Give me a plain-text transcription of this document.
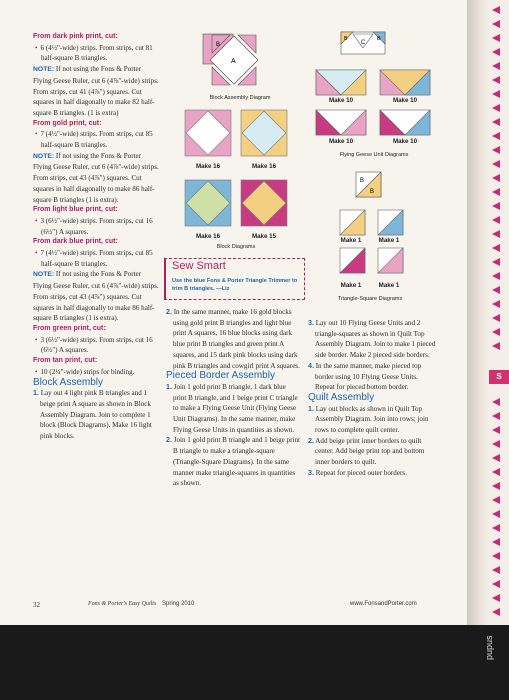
From dark pink print, cut:

• 6 (4½"-wide) strips. From strips, cut 81 half-square B triangles.

NOTE: If not using the Fons & Porter Flying Geese Ruler, cut 6 (4⅞"-wide) strips. From strips, cut 41 (4⅞") squares. Cut squares in half diagonally to make 82 half-square B triangles. (1 is extra)

From gold print, cut:

• 7 (4½"-wide) strips. From strips, cut 85 half-square B triangles.

NOTE: If not using the Fons & Porter Flying Geese Ruler, cut 6 (4⅞"-wide) strips. From strips, cut 43 (4⅞") squares. Cut squares in half diagonally to make 86 half-square B triangles (1 is extra).

From light blue print, cut:

• 3 (6½"-wide) strips. From strips, cut 16 (6½") A squares.

From dark blue print, cut:

• 7 (4½"-wide) strips. From strips, cut 85 half-square B triangles.

NOTE: If not using the Fons & Porter Flying Geese Ruler, cut 6 (4⅞"-wide) strips. From strips, cut 43 (4⅞") squares. Cut squares in half diagonally to make 86 half-square B triangles (1 is extra).

From green print, cut:

• 3 (6½"-wide) strips. From strips, cut 16 (6½") A squares.

From tan print, cut:

• 10 (2¼"-wide) strips for binding.

Block Assembly

1. Lay out 4 light pink B triangles and 1 beige print A square as shown in Block Assembly Diagram. Join to complete 1 block (Block Diagrams). Make 16 light pink blocks.

B
A
Block Assembly Diagram
Make 16	Make 16
Make 16	Make 15
Block Diagrams
Sew Smart
Use the blue Fons & Porter Triangle Trimmer to trim B triangles. —Liz

2. In the same manner, make 16 gold blocks using gold print B triangles and light blue print A squares, 16 blue blocks using dark blue print B triangles and green print A squares, and 15 dark pink blocks using dark pink B triangles and cowgirl print A squares.

Pieced Border Assembly

1. Join 1 gold print B triangle, 1 dark blue print B triangle, and 1 beige print C triangle to make a Flying Geese Unit (Flying Geese Unit Diagrams). In the same manner, make Flying Geese Units in quantities as shown.

2. Join 1 gold print B triangle and 1 beige print B triangle to make a triangle-square (Triangle-Square Diagrams). In the same manner make triangle-squares in quantities as shown.

B	B
C
Make 10	Make 10
Make 10	Make 10
Flying Geese Unit Diagrams
B
B
Make 1	Make 1
Make 1	Make 1
Triangle-Square Diagrams

3. Lay out 10 Flying Geese Units and 2 triangle-squares as shown in Quilt Top Assembly Diagram. Join to make 1 pieced side border. Make 2 pieced side borders.

4. In the same manner, make pieced top border using 10 Flying Geese Units. Repeat for pieced bottom border.

Quilt Assembly

1. Lay out blocks as shown in Quilt Top Assembly Diagram. Join into rows; join rows to complete quilt center.

2. Add beige print inner borders to quilt center. Add beige print top and bottom inner borders to quilt.

3. Repeat for pieced outer borders.

32	Fons & Porter's Easy Quilts Spring 2010	www.FonsandPorter.com
S
pupus
